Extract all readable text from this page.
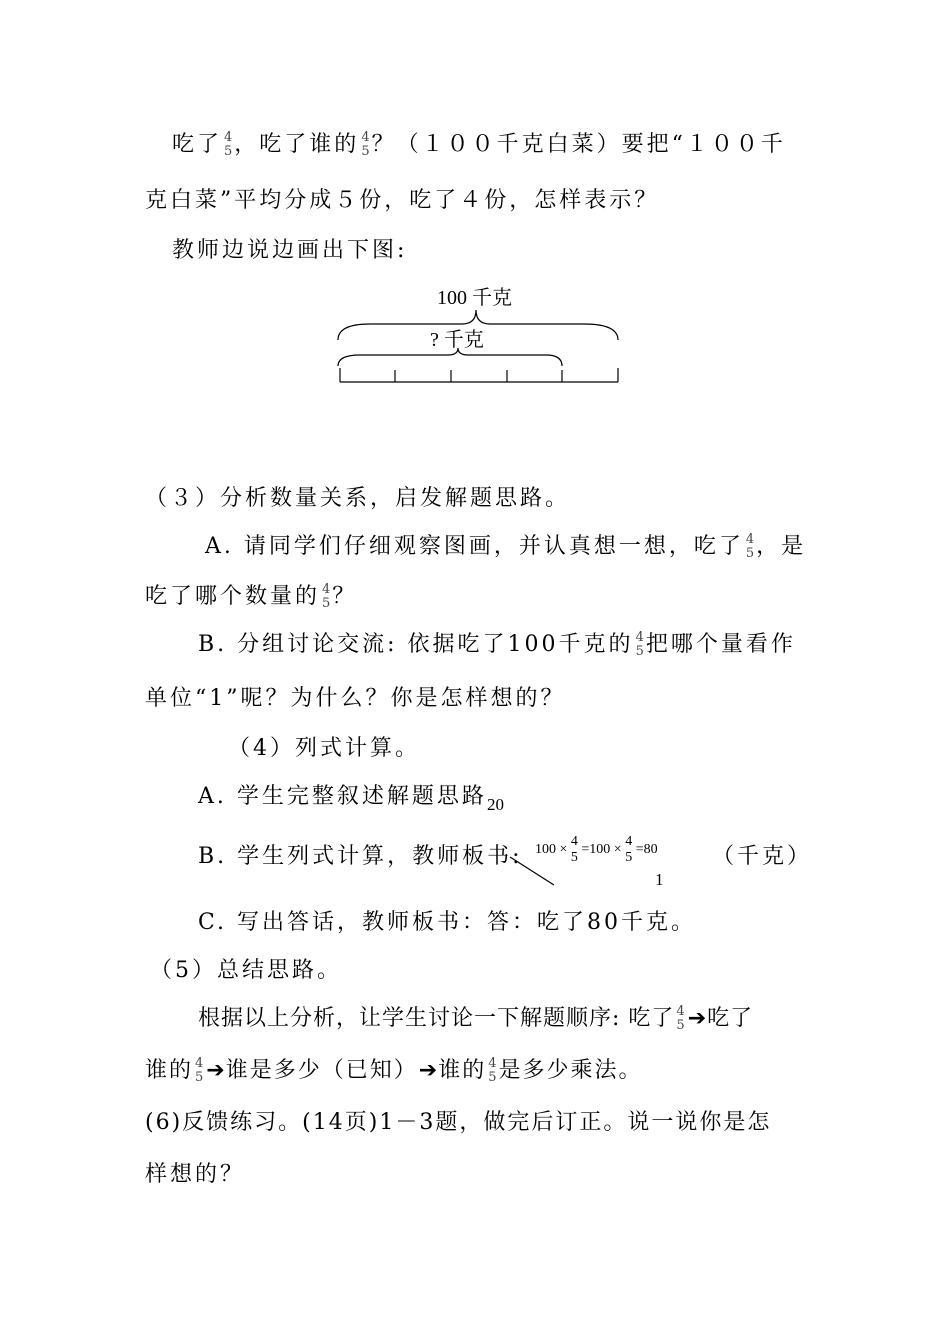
吃了 4
5 ，吃了谁的 4
5 ？（１００千克白菜）要把“１００千
克白菜”平均分成５份，吃了４份，怎样表示？
教师边说边画出下图:
100 千克
? 千克
（３）分析数量关系，启发解题思路。
A. 请同学们仔细观察图画，并认真想一想，吃了 4
5 ，是
吃了哪个数量的 4
5 ？
B. 分组讨论交流: 依据吃了100千克的 4
5 把哪个量看作
单位“1”呢？为什么？你是怎样想的？
（4）列式计算。
A. 学生完整叙述解题思路 20
B. 学生列式计算，教师板书: 100 ×
4
5
=100 ×
4
5
=80
1
（千克）
C. 写出答话，教师板书：答：吃了80千克。
（5）总结思路。
根据以上分析，让学生讨论一下解题顺序: 吃了 4
5 ➔吃了
谁的 4
5 ➔谁是多少（已知）➔谁的 4
5 是多少乘法。
(6)反馈练习。(14页)1－3题，做完后订正。说一说你是怎
样想的？
